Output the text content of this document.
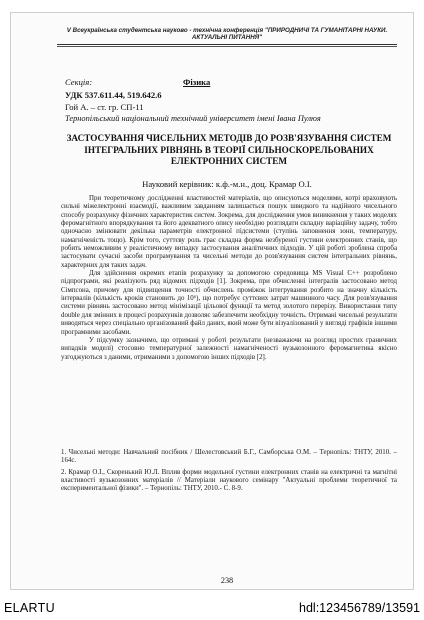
V Всеукраїнська студентська науково - технічна конференція "ПРИРОДНИЧІ ТА ГУМАНІТАРНІ НАУКИ. АКТУАЛЬНІ ПИТАННЯ"
Секція:	Фізика
УДК 537.611.44, 519.642.6
Гой А. – ст. гр. СП-11
Тернопільський національний технічний університет імені Івана Пулюя
ЗАСТОСУВАННЯ ЧИСЕЛЬНИХ МЕТОДІВ ДО РОЗВ'ЯЗУВАННЯ СИСТЕМ ІНТЕГРАЛЬНИХ РІВНЯНЬ В ТЕОРІЇ СИЛЬНОСКОРЕЛЬОВАНИХ ЕЛЕКТРОННИХ СИСТЕМ
Науковий керівник: к.ф.-м.н., доц. Крамар О.І.

При теоретичному дослідженні властивостей матеріалів, що описуються моделями, котрі враховують сильні міжелектронні взаємодії, важливим завданням залишається пошук швидкого та надійного чисельного способу розрахунку фізичних характеристик систем. Зокрема, для дослідження умов виникнення у таких моделях феромагнітного впорядкування та його адекватного опису необхідно розглядати складну варіаційну задачу, тобто одночасно змінювати декілька параметрів електронної підсистеми (ступінь заповнення зони, температуру, намагніченість тощо). Крім того, суттєву роль грає складна форма незбуреної густини електронних станів, що робить неможливим у реалістичному випадку застосування аналітичних підходів. У цій роботі зроблена спроба застосувати сучасні засоби програмування та чисельні методи до розв'язування систем інтегральних рівнянь, характерних для таких задач.

Для здійснення окремих етапів розрахунку за допомогою середовища MS Visual C++ розроблено підпрограми, які реалізують ряд відомих підходів [1]. Зокрема, при обчисленні інтегралів застосовано метод Сімпсона, причому для підвищення точності обчислень проміжок інтегрування розбито на значну кількість інтервалів (кількість кроків становить до 10⁶), що потребує суттєвих затрат машинного часу. Для розв'язування системи рівнянь застосовано метод мінімізації цільової функції та метод золотого перерізу. Використання типу double для змінних в процесі розрахунків дозволяє забезпечити необхідну точність. Отримані чисельні результати виводяться через спеціально організований файл даних, який може бути візуалізований у вигляді графіків іншими програмними засобами.

У підсумку зазначимо, що отримані у роботі результати (незважаючи на розгляд простих граничних випадків моделі) стосовно температурної залежності намагніченості вузькозонного феромагнетика якісно узгоджуються з даними, отриманими з допомогою інших підходів [2].

1. Чисельні методи: Навчальний посібник / Шелестовський Б.Г., Самборська О.М. – Тернопіль: ТНТУ, 2010. – 164с.

2. Крамар О.І., Скоренький Ю.Л. Вплив форми модельної густини електронних станів на електричні та магнітні властивості вузькозонних матеріалів // Матеріали наукового семінару "Актуальні проблеми теоретичної та експериментальної фізики". – Тернопіль: ТНТУ, 2010.- С. 8-9.

238
ELARTU	hdl:123456789/13591
